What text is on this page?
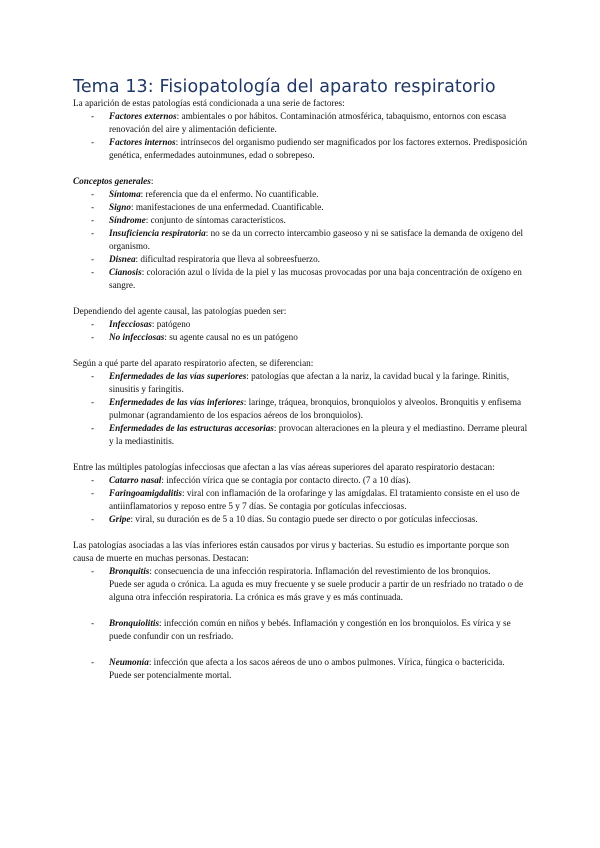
Tema 13: Fisiopatología del aparato respiratorio

La aparición de estas patologías está condicionada a una serie de factores:

- Factores externos: ambientales o por hábitos. Contaminación atmosférica, tabaquismo, entornos con escasa renovación del aire y alimentación deficiente.
- Factores internos: intrínsecos del organismo pudiendo ser magnificados por los factores externos. Predisposición genética, enfermedades autoinmunes, edad o sobrepeso.

Conceptos generales:

- Síntoma: referencia que da el enfermo. No cuantificable.
- Signo: manifestaciones de una enfermedad. Cuantificable.
- Síndrome: conjunto de síntomas característicos.
- Insuficiencia respiratoria: no se da un correcto intercambio gaseoso y ni se satisface la demanda de oxígeno del organismo.
- Disnea: dificultad respiratoria que lleva al sobreesfuerzo.
- Cianosis: coloración azul o lívida de la piel y las mucosas provocadas por una baja concentración de oxígeno en sangre.

Dependiendo del agente causal, las patologías pueden ser:

- Infecciosas: patógeno
- No infecciosas: su agente causal no es un patógeno

Según a qué parte del aparato respiratorio afecten, se diferencian:

- Enfermedades de las vías superiores: patologías que afectan a la nariz, la cavidad bucal y la faringe. Rinitis, sinusitis y faringitis.
- Enfermedades de las vías inferiores: laringe, tráquea, bronquios, bronquiolos y alveolos. Bronquitis y enfisema pulmonar (agrandamiento de los espacios aéreos de los bronquiolos).
- Enfermedades de las estructuras accesorias: provocan alteraciones en la pleura y el mediastino. Derrame pleural y la mediastinitis.

Entre las múltiples patologías infecciosas que afectan a las vías aéreas superiores del aparato respiratorio destacan:

- Catarro nasal: infección vírica que se contagia por contacto directo. (7 a 10 días).
- Faringoamigdalitis: viral con inflamación de la orofaringe y las amígdalas. El tratamiento consiste en el uso de antiinflamatorios y reposo entre 5 y 7 días. Se contagia por gotículas infecciosas.
- Gripe: viral, su duración es de 5 a 10 días. Su contagio puede ser directo o por gotículas infecciosas.

Las patologías asociadas a las vías inferiores están causados por virus y bacterias. Su estudio es importante porque son causa de muerte en muchas personas. Destacan:

- Bronquitis: consecuencia de una infección respiratoria. Inflamación del revestimiento de los bronquios.
Puede ser aguda o crónica. La aguda es muy frecuente y se suele producir a partir de un resfriado no tratado o de alguna otra infección respiratoria. La crónica es más grave y es más continuada.
- Bronquiolitis: infección común en niños y bebés. Inflamación y congestión en los bronquiolos. Es vírica y se puede confundir con un resfriado.
- Neumonía: infección que afecta a los sacos aéreos de uno o ambos pulmones. Vírica, fúngica o bactericida. Puede ser potencialmente mortal.
